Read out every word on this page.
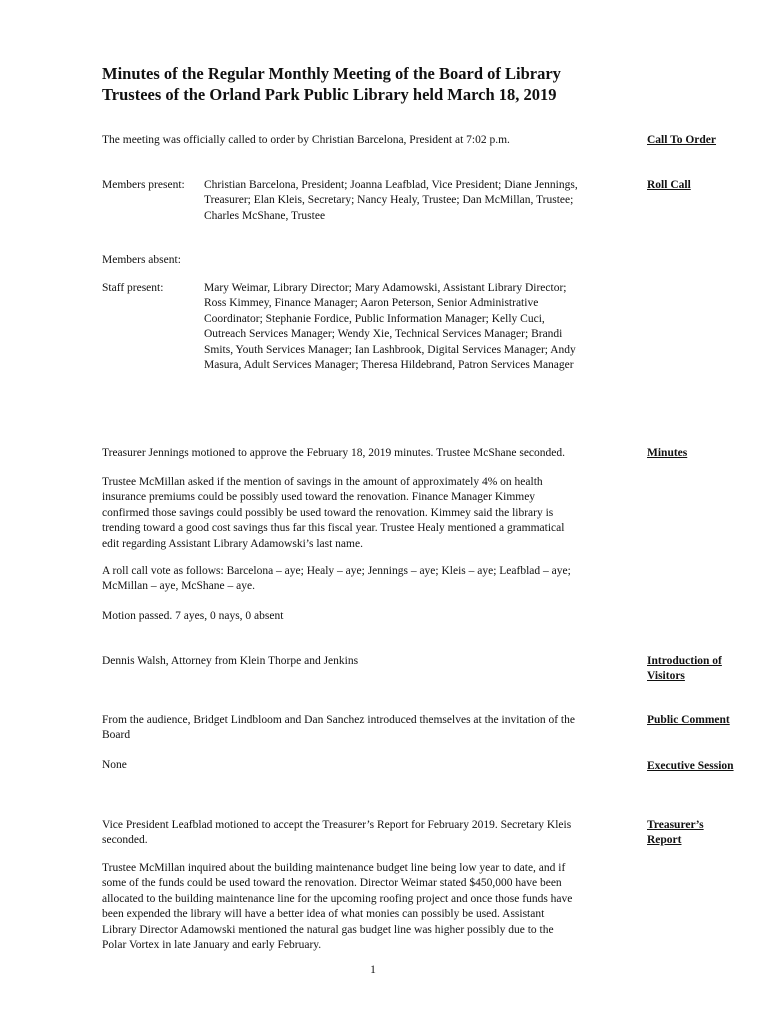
Minutes of the Regular Monthly Meeting of the Board of Library
Trustees of the Orland Park Public Library held March 18, 2019
The meeting was officially called to order by Christian Barcelona, President at 7:02 p.m.	Call To Order
Members present: Christian Barcelona, President; Joanna Leafblad, Vice President; Diane Jennings,
Treasurer; Elan Kleis, Secretary; Nancy Healy, Trustee; Dan McMillan, Trustee;
Charles McShane, Trustee
Roll Call
Members absent:
Staff present:	Mary Weimar, Library Director; Mary Adamowski, Assistant Library Director;
Ross Kimmey, Finance Manager; Aaron Peterson, Senior Administrative
Coordinator; Stephanie Fordice, Public Information Manager; Kelly Cuci,
Outreach Services Manager; Wendy Xie, Technical Services Manager; Brandi
Smits, Youth Services Manager; Ian Lashbrook, Digital Services Manager; Andy
Masura, Adult Services Manager; Theresa Hildebrand, Patron Services Manager
Treasurer Jennings motioned to approve the February 18, 2019 minutes. Trustee McShane seconded.	Minutes
Trustee McMillan asked if the mention of savings in the amount of approximately 4% on health
insurance premiums could be possibly used toward the renovation. Finance Manager Kimmey
confirmed those savings could possibly be used toward the renovation. Kimmey said the library is
trending toward a good cost savings thus far this fiscal year. Trustee Healy mentioned a grammatical
edit regarding Assistant Library Adamowski’s last name.
A roll call vote as follows: Barcelona – aye; Healy – aye; Jennings – aye; Kleis – aye; Leafblad – aye;
McMillan – aye, McShane – aye.
Motion passed. 7 ayes, 0 nays, 0 absent
Dennis Walsh, Attorney from Klein Thorpe and Jenkins	Introduction of
Visitors
From the audience, Bridget Lindbloom and Dan Sanchez introduced themselves at the invitation of the
Board
Public Comment
None	Executive Session
Vice President Leafblad motioned to accept the Treasurer’s Report for February 2019. Secretary Kleis
seconded.
Treasurer’s
Report
Trustee McMillan inquired about the building maintenance budget line being low year to date, and if
some of the funds could be used toward the renovation. Director Weimar stated $450,000 have been
allocated to the building maintenance line for the upcoming roofing project and once those funds have
been expended the library will have a better idea of what monies can possibly be used. Assistant
Library Director Adamowski mentioned the natural gas budget line was higher possibly due to the
Polar Vortex in late January and early February.
1
